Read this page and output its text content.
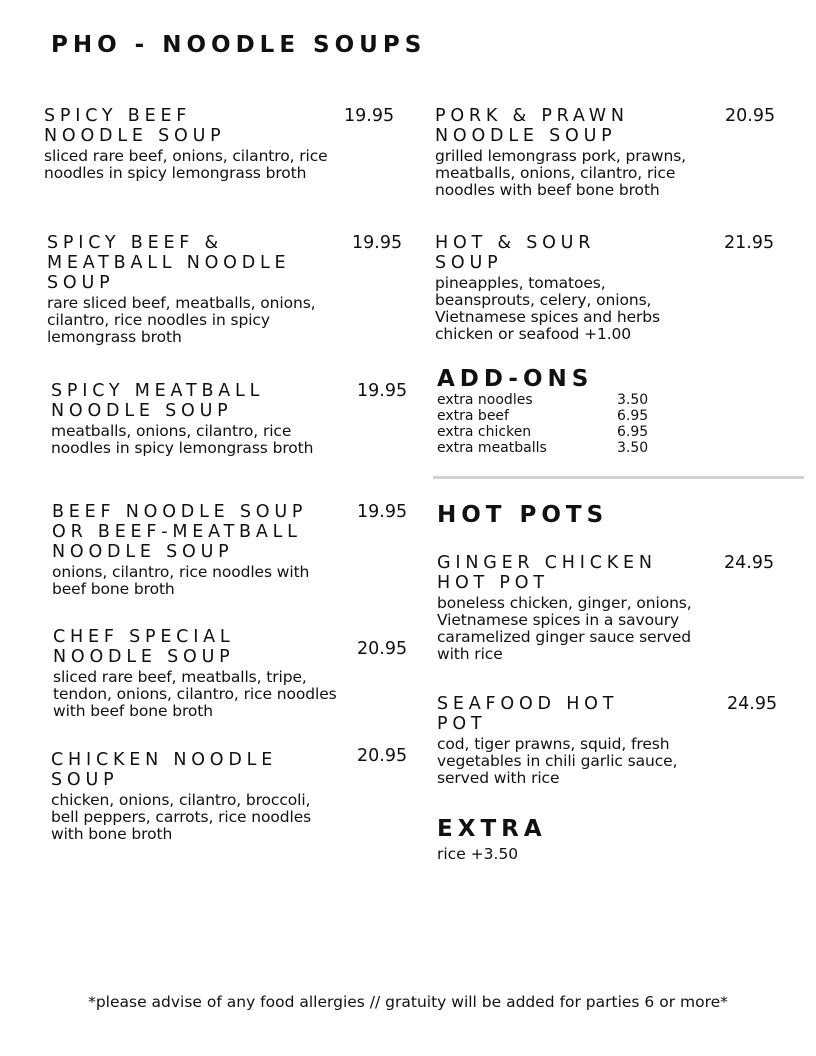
PHO - NOODLE SOUPS
SPICY BEEF NOODLE SOUP
sliced rare beef, onions, cilantro, rice noodles in spicy lemongrass broth
19.95
SPICY BEEF & MEATBALL NOODLE SOUP
rare sliced beef, meatballs, onions, cilantro, rice noodles in spicy lemongrass broth
19.95
SPICY MEATBALL NOODLE SOUP
meatballs, onions, cilantro, rice noodles in spicy lemongrass broth
19.95
BEEF NOODLE SOUP OR BEEF-MEATBALL NOODLE SOUP
onions, cilantro, rice noodles with beef bone broth
19.95
CHEF SPECIAL NOODLE SOUP
sliced rare beef, meatballs, tripe, tendon, onions, cilantro, rice noodles with beef bone broth
20.95
CHICKEN NOODLE SOUP
chicken, onions, cilantro, broccoli, bell peppers, carrots, rice noodles with bone broth
20.95
PORK & PRAWN NOODLE SOUP
grilled lemongrass pork, prawns, meatballs, onions, cilantro, rice noodles with beef bone broth
20.95
HOT & SOUR SOUP
pineapples, tomatoes, beansprouts, celery, onions, Vietnamese spices and herbs chicken or seafood +1.00
21.95
ADD-ONS
extra noodles	3.50
extra beef	6.95
extra chicken	6.95
extra meatballs	3.50
HOT POTS
GINGER CHICKEN HOT POT
boneless chicken, ginger, onions, Vietnamese spices in a savoury caramelized ginger sauce served with rice
24.95
SEAFOOD HOT POT
cod, tiger prawns, squid, fresh vegetables in chili garlic sauce, served with rice
24.95
EXTRA
rice +3.50
*please advise of any food allergies // gratuity will be added for parties 6 or more*
